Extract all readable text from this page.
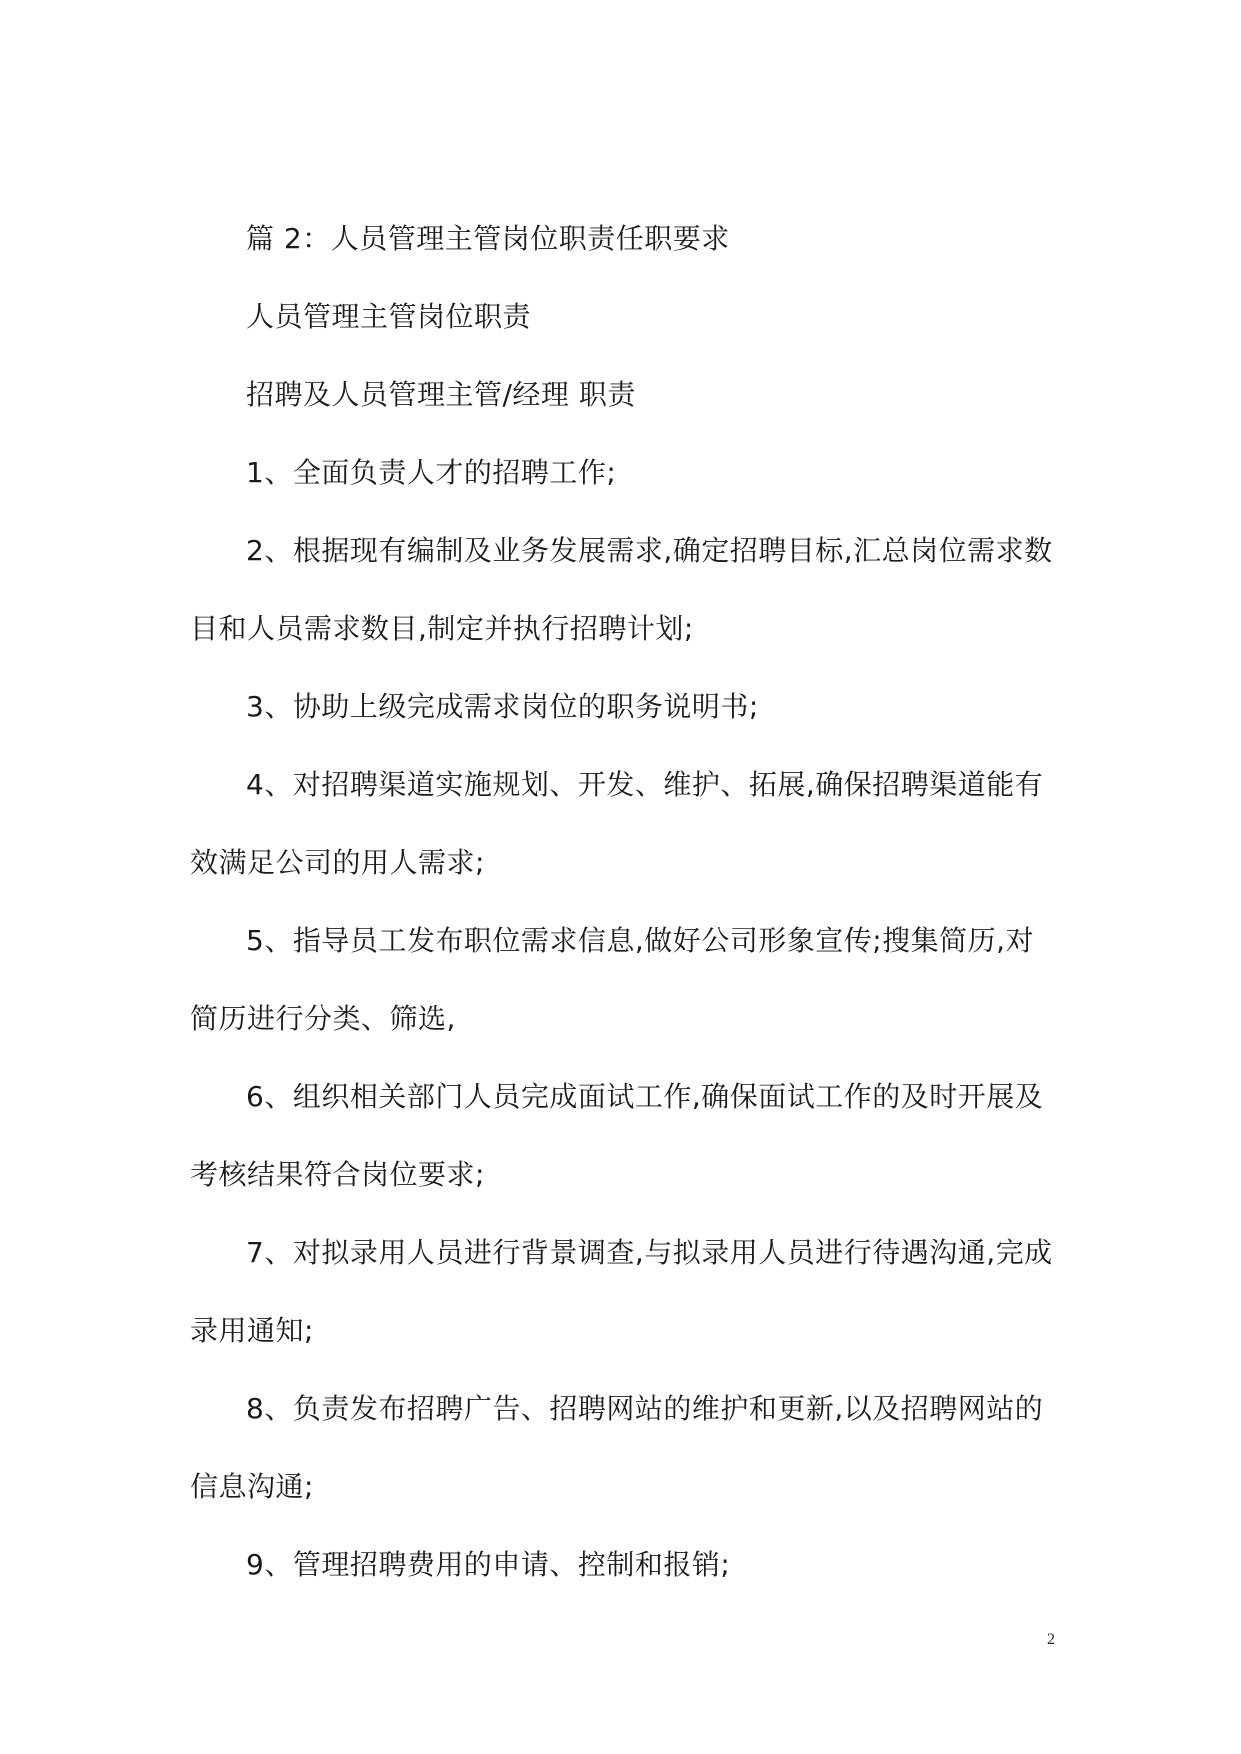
篇 2：人员管理主管岗位职责任职要求
人员管理主管岗位职责
招聘及人员管理主管/经理 职责
1、全面负责人才的招聘工作;
2、根据现有编制及业务发展需求,确定招聘目标,汇总岗位需求数
目和人员需求数目,制定并执行招聘计划;
3、协助上级完成需求岗位的职务说明书;
4、对招聘渠道实施规划、开发、维护、拓展,确保招聘渠道能有
效满足公司的用人需求;
5、指导员工发布职位需求信息,做好公司形象宣传;搜集简历,对
简历进行分类、筛选,
6、组织相关部门人员完成面试工作,确保面试工作的及时开展及
考核结果符合岗位要求;
7、对拟录用人员进行背景调查,与拟录用人员进行待遇沟通,完成
录用通知;
8、负责发布招聘广告、招聘网站的维护和更新,以及招聘网站的
信息沟通;
9、管理招聘费用的申请、控制和报销;
2
